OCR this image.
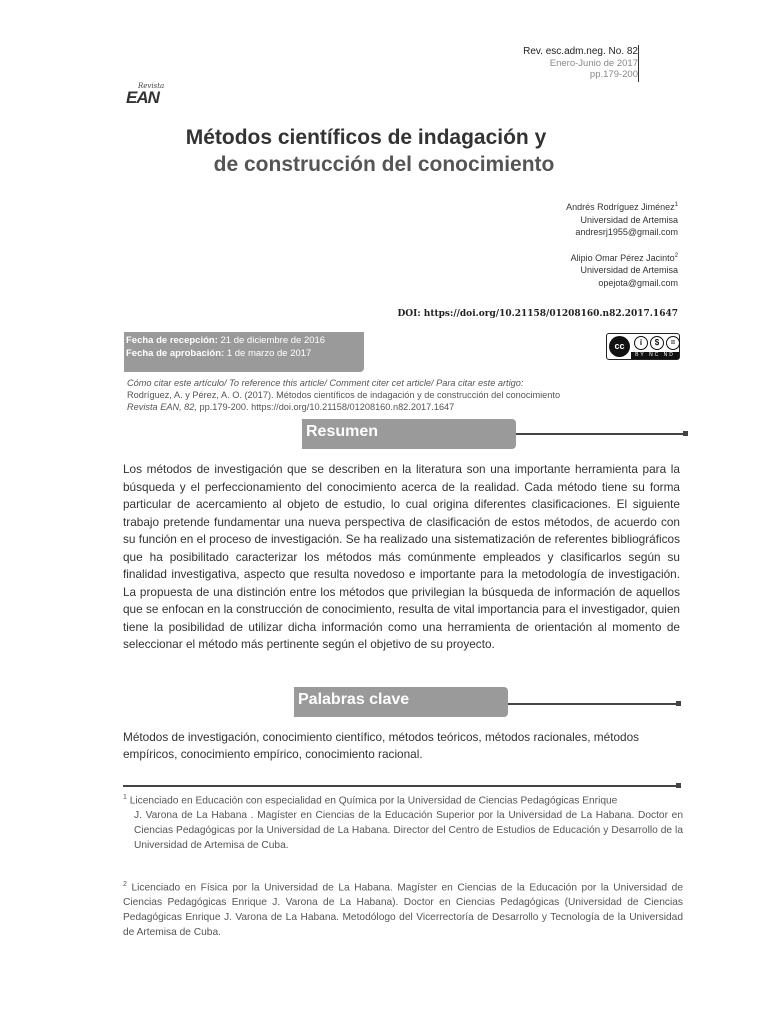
Rev. esc.adm.neg. No. 82
Enero-Junio de 2017
pp.179-200
Revista
EAN
Métodos científicos de indagación y
de construcción del conocimiento
Andrés Rodríguez Jiménez$^1$
Universidad de Artemisa
andresrj1955@gmail.com
Alipio Omar Pérez Jacinto$^2$
Universidad de Artemisa
opejota@gmail.com
DOI: https://doi.org/10.21158/01208160.n82.2017.1647
Fecha de recepción: 21 de diciembre de 2016
Fecha de aprobación: 1 de marzo de 2017
cc	i	$	=
BY NC ND
Cómo citar este artículo/ To reference this article/ Comment citer cet article/ Para citar este artigo:
Rodríguez, A. y Pérez, A. O. (2017). Métodos científicos de indagación y de construcción del conocimiento
Revista EAN, 82, pp.179-200. https://doi.org/10.21158/01208160.n82.2017.1647
Resumen
Los métodos de investigación que se describen en la literatura son una importante herramienta para la búsqueda y el perfeccionamiento del conocimiento acerca de la realidad. Cada método tiene su forma particular de acercamiento al objeto de estudio, lo cual origina diferentes clasificaciones. El siguiente trabajo pretende fundamentar una nueva perspectiva de clasificación de estos métodos, de acuerdo con su función en el proceso de investigación. Se ha realizado una sistematización de referentes bibliográficos que ha posibilitado caracterizar los métodos más comúnmente empleados y clasificarlos según su finalidad investigativa, aspecto que resulta novedoso e importante para la metodología de investigación. La propuesta de una distinción entre los métodos que privilegian la búsqueda de información de aquellos que se enfocan en la construcción de conocimiento, resulta de vital importancia para el investigador, quien tiene la posibilidad de utilizar dicha información como una herramienta de orientación al momento de seleccionar el método más pertinente según el objetivo de su proyecto.
Palabras clave
Métodos de investigación, conocimiento científico, métodos teóricos, métodos racionales, métodos empíricos, conocimiento empírico, conocimiento racional.
$^1$ Licenciado en Educación con especialidad en Química por la Universidad de Ciencias Pedagógicas Enrique
J. Varona de La Habana . Magíster en Ciencias de la Educación Superior por la Universidad de La Habana. Doctor en Ciencias Pedagógicas por la Universidad de La Habana. Director del Centro de Estudios de Educación y Desarrollo de la Universidad de Artemisa de Cuba.
$^2$ Licenciado en Física por la Universidad de La Habana. Magíster en Ciencias de la Educación por la Universidad de Ciencias Pedagógicas Enrique J. Varona de La Habana). Doctor en Ciencias Pedagógicas (Universidad de Ciencias Pedagógicas Enrique J. Varona de La Habana. Metodólogo del Vicerrectoría de Desarrollo y Tecnología de la Universidad de Artemisa de Cuba.
